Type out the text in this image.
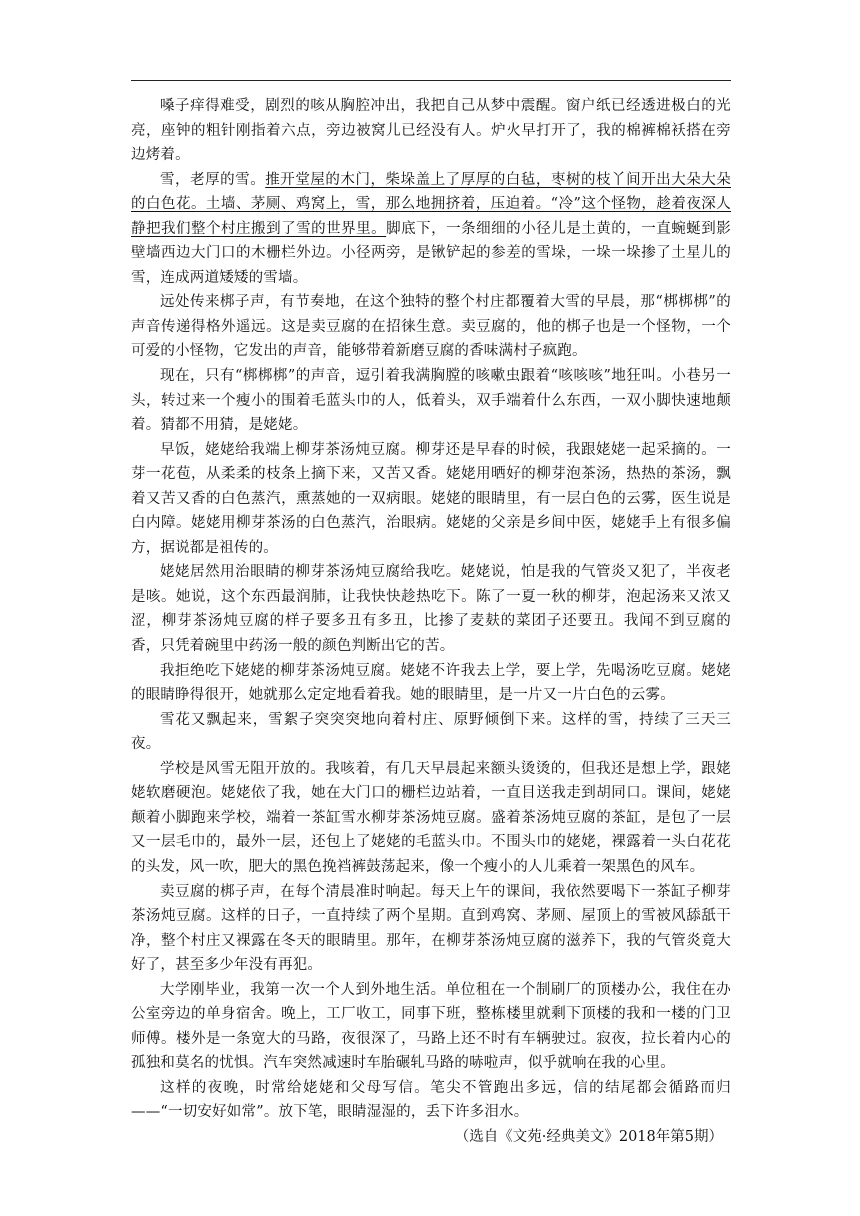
嗓子痒得难受，剧烈的咳从胸腔冲出，我把自己从梦中震醒。窗户纸已经透进极白的光亮，座钟的粗针刚指着六点，旁边被窝儿已经没有人。炉火早打开了，我的棉裤棉袄搭在旁边烤着。

雪，老厚的雪。推开堂屋的木门，柴垛盖上了厚厚的白毡，枣树的枝丫间开出大朵大朵的白色花。土墙、茅厕、鸡窝上，雪，那么地拥挤着，压迫着。“冷”这个怪物，趁着夜深人静把我们整个村庄搬到了雪的世界里。脚底下，一条细细的小径儿是土黄的，一直蜿蜒到影壁墙西边大门口的木栅栏外边。小径两旁，是锹铲起的参差的雪垛，一垛一垛掺了土星儿的雪，连成两道矮矮的雪墙。

远处传来梆子声，有节奏地，在这个独特的整个村庄都覆着大雪的早晨，那“梆梆梆”的声音传递得格外遥远。这是卖豆腐的在招徕生意。卖豆腐的，他的梆子也是一个怪物，一个可爱的小怪物，它发出的声音，能够带着新磨豆腐的香味满村子疯跑。

现在，只有“梆梆梆”的声音，逗引着我满胸膛的咳嗽虫跟着“咳咳咳”地狂叫。小巷另一头，转过来一个瘦小的围着毛蓝头巾的人，低着头，双手端着什么东西，一双小脚快速地颠着。猜都不用猜，是姥姥。

早饭，姥姥给我端上柳芽茶汤炖豆腐。柳芽还是早春的时候，我跟姥姥一起采摘的。一芽一花苞，从柔柔的枝条上摘下来，又苦又香。姥姥用晒好的柳芽泡茶汤，热热的茶汤，飘着又苦又香的白色蒸汽，熏蒸她的一双病眼。姥姥的眼睛里，有一层白色的云雾，医生说是白内障。姥姥用柳芽茶汤的白色蒸汽，治眼病。姥姥的父亲是乡间中医，姥姥手上有很多偏方，据说都是祖传的。

姥姥居然用治眼睛的柳芽茶汤炖豆腐给我吃。姥姥说，怕是我的气管炎又犯了，半夜老是咳。她说，这个东西最润肺，让我快快趁热吃下。陈了一夏一秋的柳芽，泡起汤来又浓又涩，柳芽茶汤炖豆腐的样子要多丑有多丑，比掺了麦麸的菜团子还要丑。我闻不到豆腐的香，只凭着碗里中药汤一般的颜色判断出它的苦。

我拒绝吃下姥姥的柳芽茶汤炖豆腐。姥姥不许我去上学，要上学，先喝汤吃豆腐。姥姥的眼睛睁得很开，她就那么定定地看着我。她的眼睛里，是一片又一片白色的云雾。

雪花又飘起来，雪絮子突突突地向着村庄、原野倾倒下来。这样的雪，持续了三天三夜。

学校是风雪无阻开放的。我咳着，有几天早晨起来额头烫烫的，但我还是想上学，跟姥姥软磨硬泡。姥姥依了我，她在大门口的栅栏边站着，一直目送我走到胡同口。课间，姥姥颠着小脚跑来学校，端着一茶缸雪水柳芽茶汤炖豆腐。盛着茶汤炖豆腐的茶缸，是包了一层又一层毛巾的，最外一层，还包上了姥姥的毛蓝头巾。不围头巾的姥姥，裸露着一头白花花的头发，风一吹，肥大的黑色挽裆裤鼓荡起来，像一个瘦小的人儿乘着一架黑色的风车。

卖豆腐的梆子声，在每个清晨准时响起。每天上午的课间，我依然要喝下一茶缸子柳芽茶汤炖豆腐。这样的日子，一直持续了两个星期。直到鸡窝、茅厕、屋顶上的雪被风舔舐干净，整个村庄又裸露在冬天的眼睛里。那年，在柳芽茶汤炖豆腐的滋养下，我的气管炎竟大好了，甚至多少年没有再犯。

大学刚毕业，我第一次一个人到外地生活。单位租在一个制刷厂的顶楼办公，我住在办公室旁边的单身宿舍。晚上，工厂收工，同事下班，整栋楼里就剩下顶楼的我和一楼的门卫师傅。楼外是一条宽大的马路，夜很深了，马路上还不时有车辆驶过。寂夜，拉长着内心的孤独和莫名的忧惧。汽车突然减速时车胎碾轧马路的哧啦声，似乎就响在我的心里。

这样的夜晚，时常给姥姥和父母写信。笔尖不管跑出多远，信的结尾都会循路而归——“一切安好如常”。放下笔，眼睛湿湿的，丢下许多泪水。

（选自《文苑·经典美文》2018年第5期）
